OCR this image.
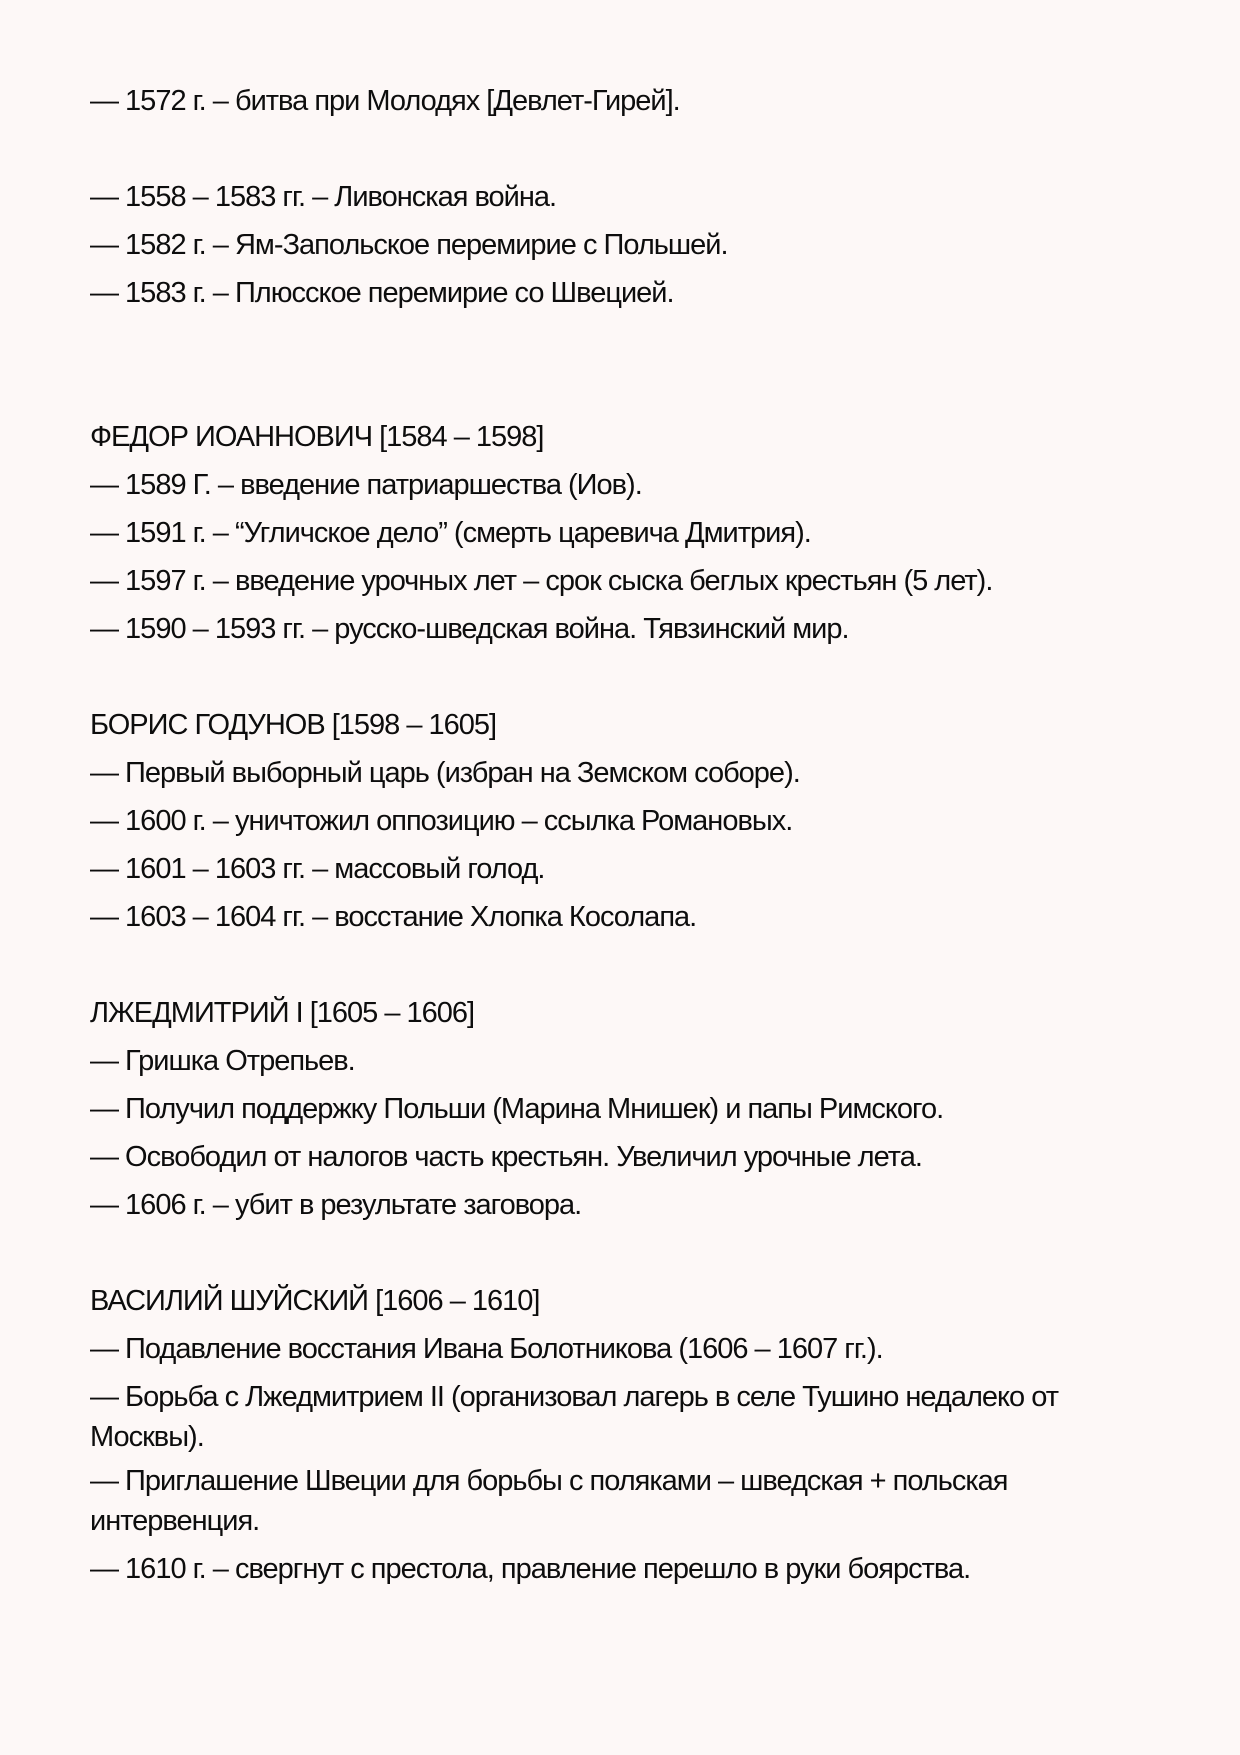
— 1572 г. – битва при Молодях [Девлет-Гирей].
— 1558 – 1583 гг. – Ливонская война.
— 1582 г. – Ям-Запольское перемирие с Польшей.
— 1583 г. – Плюсское перемирие со Швецией.
ФЕДОР ИОАННОВИЧ [1584 – 1598]
— 1589 Г. – введение патриаршества (Иов).
— 1591 г. – “Угличское дело” (смерть царевича Дмитрия).
— 1597 г. – введение урочных лет – срок сыска беглых крестьян (5 лет).
— 1590 – 1593 гг. – русско-шведская война. Тявзинский мир.
БОРИС ГОДУНОВ [1598 – 1605]
— Первый выборный царь (избран на Земском соборе).
— 1600 г. – уничтожил оппозицию – ссылка Романовых.
— 1601 – 1603 гг. – массовый голод.
— 1603 – 1604 гг. – восстание Хлопка Косолапа.
ЛЖЕДМИТРИЙ I [1605 – 1606]
— Гришка Отрепьев.
— Получил поддержку Польши (Марина Мнишек) и папы Римского.
— Освободил от налогов часть крестьян. Увеличил урочные лета.
— 1606 г. – убит в результате заговора.
ВАСИЛИЙ ШУЙСКИЙ [1606 – 1610]
— Подавление восстания Ивана Болотникова (1606 – 1607 гг.).
— Борьба с Лжедмитрием II (организовал лагерь в селе Тушино недалеко от Москвы).
— Приглашение Швеции для борьбы с поляками – шведская + польская интервенция.
— 1610 г. – свергнут с престола, правление перешло в руки боярства.
